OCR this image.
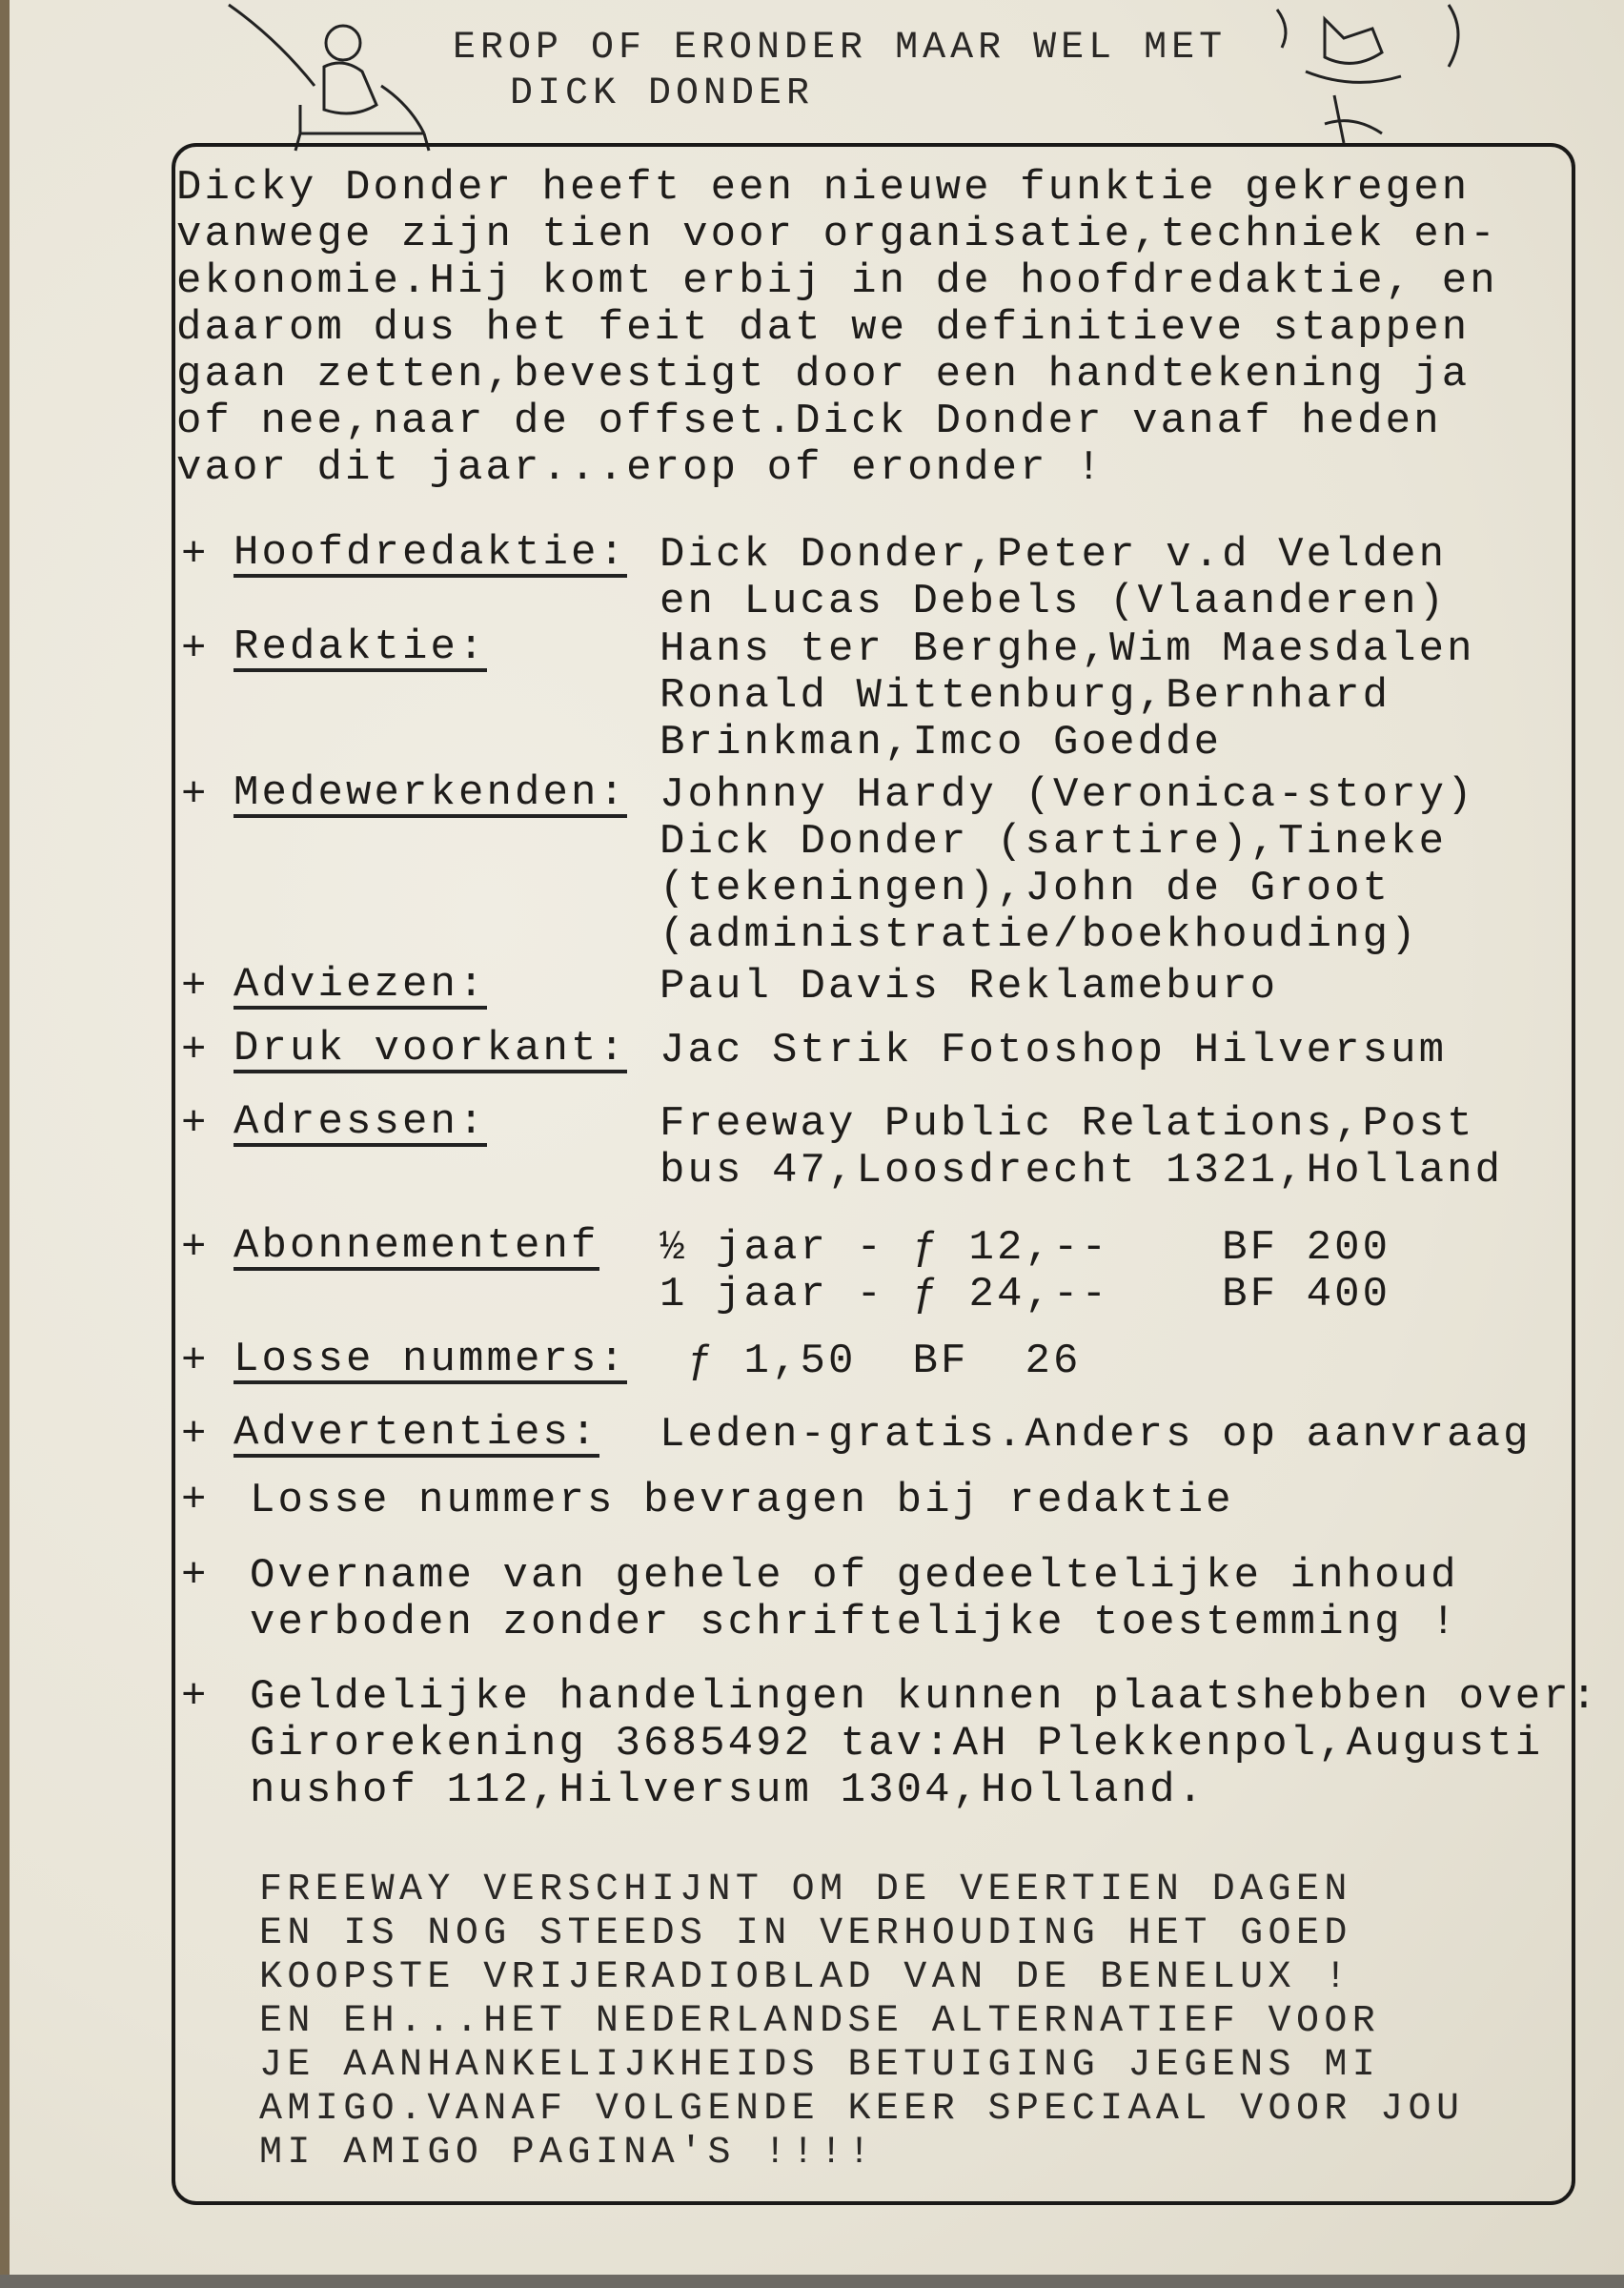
EROP OF ERONDER MAAR WEL MET
DICK DONDER
Dicky Donder heeft een nieuwe funktie gekregen
vanwege zijn tien voor organisatie,techniek en-
ekonomie.Hij komt erbij in de hoofdredaktie, en
daarom dus het feit dat we definitieve stappen
gaan zetten,bevestigt door een handtekening ja
of nee,naar de offset.Dick Donder vanaf heden
vaor dit jaar...erop of eronder !
+ Hoofdredaktie: Dick Donder,Peter v.d Velden
en Lucas Debels (Vlaanderen)
+ Redaktie:	Hans ter Berghe,Wim Maesdalen
Ronald Wittenburg,Bernhard
Brinkman,Imco Goedde
+ Medewerkenden: Johnny Hardy (Veronica-story)
Dick Donder (sartire),Tineke
(tekeningen),John de Groot
(administratie/boekhouding)
+ Adviezen:	Paul Davis Reklameburo
+ Druk voorkant: Jac Strik Fotoshop Hilversum
+ Adressen:	Freeway Public Relations,Post
bus 47,Loosdrecht 1321,Holland
+ Abonnementenf ½ jaar - ƒ 12,--    BF 200
1 jaar - ƒ 24,--    BF 400
+ Losse nummers: ƒ 1,50  BF  26
+ Advertenties: Leden-gratis.Anders op aanvraag
+ Losse nummers bevragen bij redaktie
+ Overname van gehele of gedeeltelijke inhoud
verboden zonder schriftelijke toestemming !
+ Geldelijke handelingen kunnen plaatshebben over:
Girorekening 3685492 tav:AH Plekkenpol,Augusti
nushof 112,Hilversum 1304,Holland.
FREEWAY VERSCHIJNT OM DE VEERTIEN DAGEN
EN IS NOG STEEDS IN VERHOUDING HET GOED
KOOPSTE VRIJERADIOBLAD VAN DE BENELUX !
EN EH...HET NEDERLANDSE ALTERNATIEF VOOR
JE AANHANKELIJKHEIDS BETUIGING JEGENS MI
AMIGO.VANAF VOLGENDE KEER SPECIAAL VOOR JOU
MI AMIGO PAGINA'S !!!!
